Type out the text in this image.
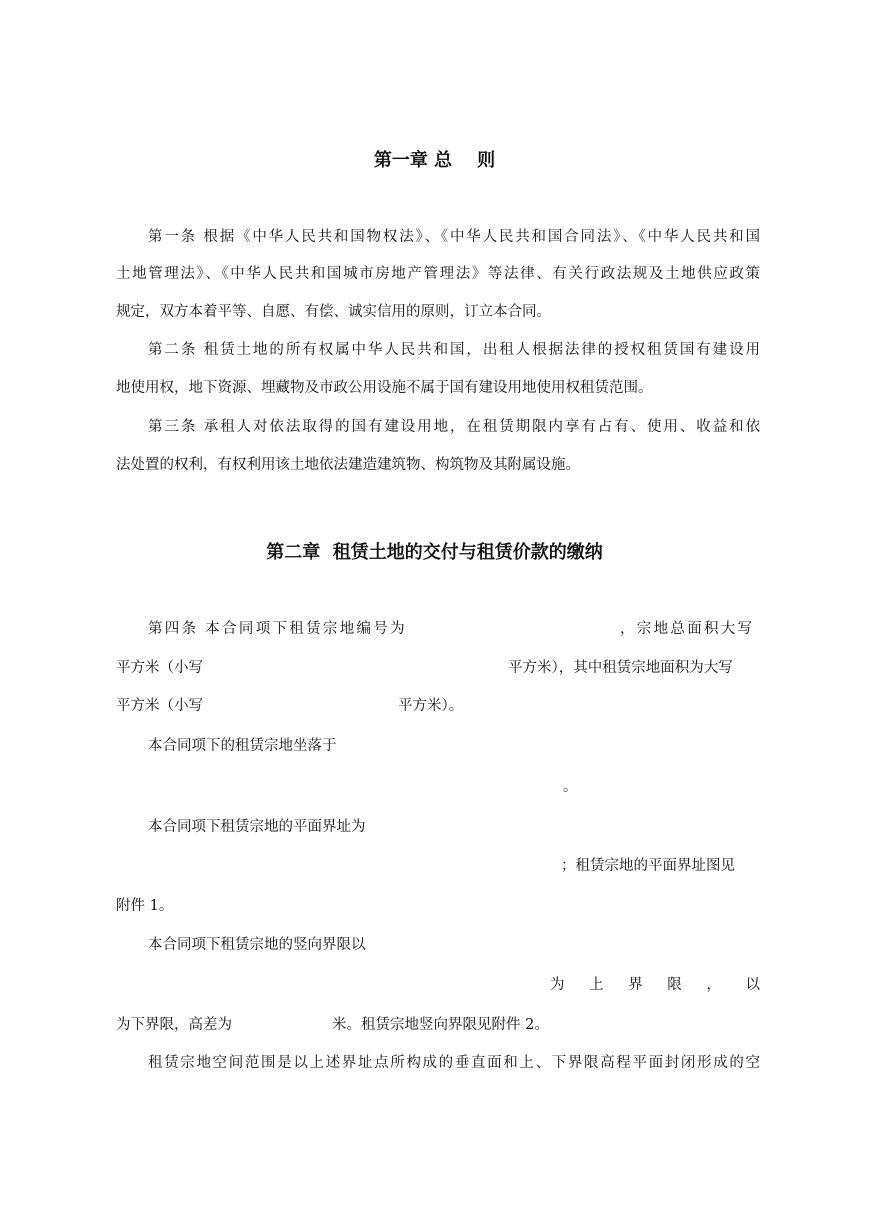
第一章 总    则
第一条 根据《中华人民共和国物权法》、《中华人民共和国合同法》、《中华人民共和国
土地管理法》、《中华人民共和国城市房地产管理法》等法律、有关行政法规及土地供应政策
规定，双方本着平等、自愿、有偿、诚实信用的原则，订立本合同。
第二条 租赁土地的所有权属中华人民共和国，出租人根据法律的授权租赁国有建设用
地使用权，地下资源、埋藏物及市政公用设施不属于国有建设用地使用权租赁范围。
第三条 承租人对依法取得的国有建设用地，在租赁期限内享有占有、使用、收益和依
法处置的权利，有权利用该土地依法建造建筑物、构筑物及其附属设施。
第二章  租赁土地的交付与租赁价款的缴纳
第四条 本合同项下租赁宗地编号为	，宗地总面积大写
平方米（小写	平方米），其中租赁宗地面积为大写
平方米（小写	平方米）。
本合同项下的租赁宗地坐落于
。
本合同项下租赁宗地的平面界址为
；租赁宗地的平面界址图见
附件 1。
本合同项下租赁宗地的竖向界限以
为 上 界 限 ， 以
为下界限，高差为	米。租赁宗地竖向界限见附件 2。
租赁宗地空间范围是以上述界址点所构成的垂直面和上、下界限高程平面封闭形成的空
